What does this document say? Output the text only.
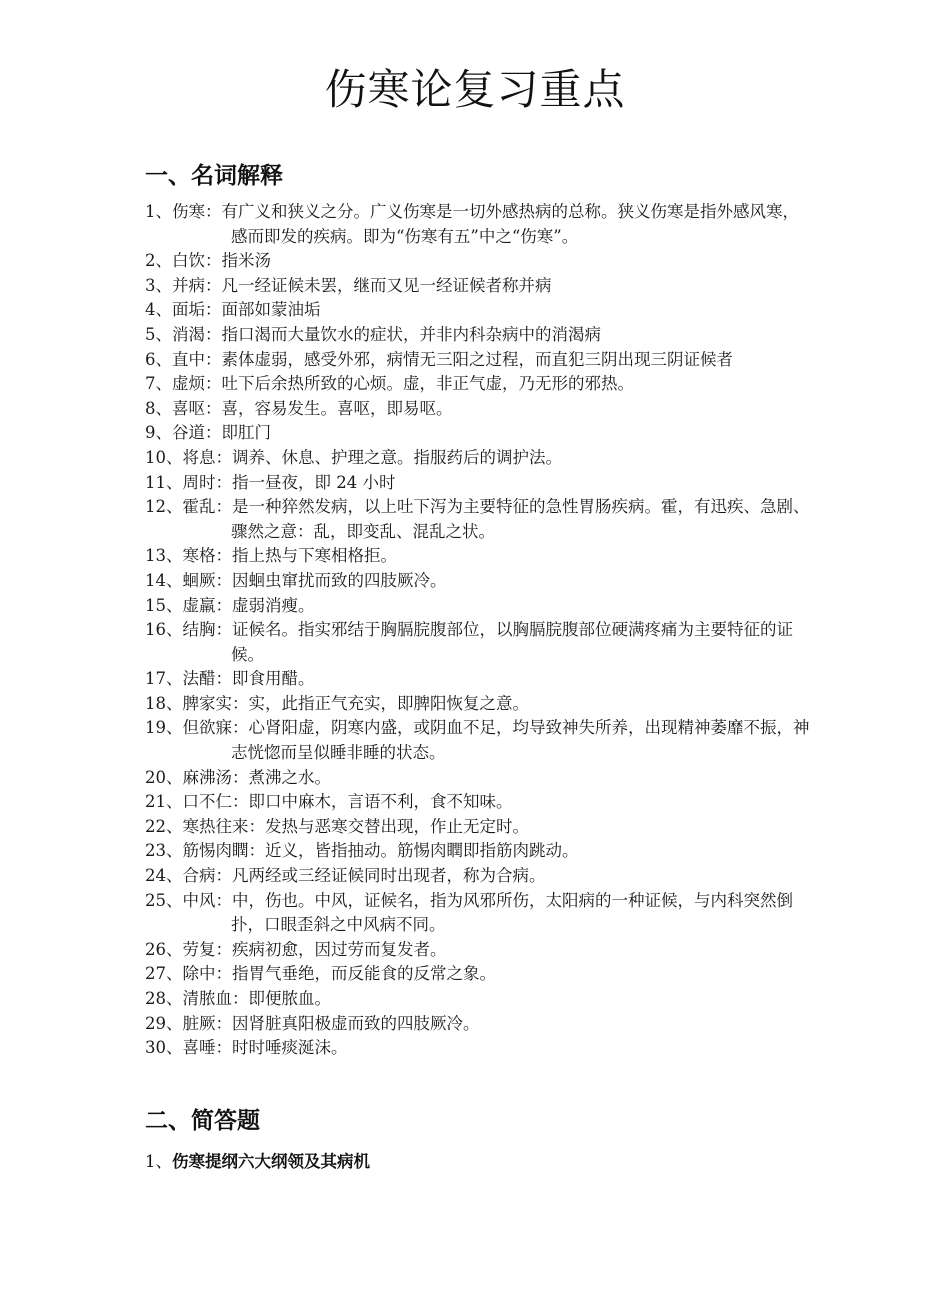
伤寒论复习重点
一、名词解释
1、伤寒：有广义和狭义之分。广义伤寒是一切外感热病的总称。狭义伤寒是指外感风寒，感而即发的疾病。即为“伤寒有五”中之“伤寒”。
2、白饮：指米汤
3、并病：凡一经证候未罢，继而又见一经证候者称并病
4、面垢：面部如蒙油垢
5、消渴：指口渴而大量饮水的症状，并非内科杂病中的消渴病
6、直中：素体虚弱，感受外邪，病情无三阳之过程，而直犯三阴出现三阴证候者
7、虚烦：吐下后余热所致的心烦。虚，非正气虚，乃无形的邪热。
8、喜呕：喜，容易发生。喜呕，即易呕。
9、谷道：即肛门
10、将息：调养、休息、护理之意。指服药后的调护法。
11、周时：指一昼夜，即 24 小时
12、霍乱：是一种猝然发病，以上吐下泻为主要特征的急性胃肠疾病。霍，有迅疾、急剧、骤然之意：乱，即变乱、混乱之状。
13、寒格：指上热与下寒相格拒。
14、蛔厥：因蛔虫窜扰而致的四肢厥冷。
15、虚羸：虚弱消瘦。
16、结胸：证候名。指实邪结于胸膈脘腹部位，以胸膈脘腹部位硬满疼痛为主要特征的证候。
17、法醋：即食用醋。
18、脾家实：实，此指正气充实，即脾阳恢复之意。
19、但欲寐：心肾阳虚，阴寒内盛，或阴血不足，均导致神失所养，出现精神萎靡不振，神志恍惚而呈似睡非睡的状态。
20、麻沸汤：煮沸之水。
21、口不仁：即口中麻木，言语不利，食不知味。
22、寒热往来：发热与恶寒交替出现，作止无定时。
23、筋惕肉瞤：近义，皆指抽动。筋惕肉瞤即指筋肉跳动。
24、合病：凡两经或三经证候同时出现者，称为合病。
25、中风：中，伤也。中风，证候名，指为风邪所伤，太阳病的一种证候，与内科突然倒扑，口眼歪斜之中风病不同。
26、劳复：疾病初愈，因过劳而复发者。
27、除中：指胃气垂绝，而反能食的反常之象。
28、清脓血：即便脓血。
29、脏厥：因肾脏真阳极虚而致的四肢厥冷。
30、喜唾：时时唾痰涎沫。
二、简答题
1、伤寒提纲六大纲领及其病机
